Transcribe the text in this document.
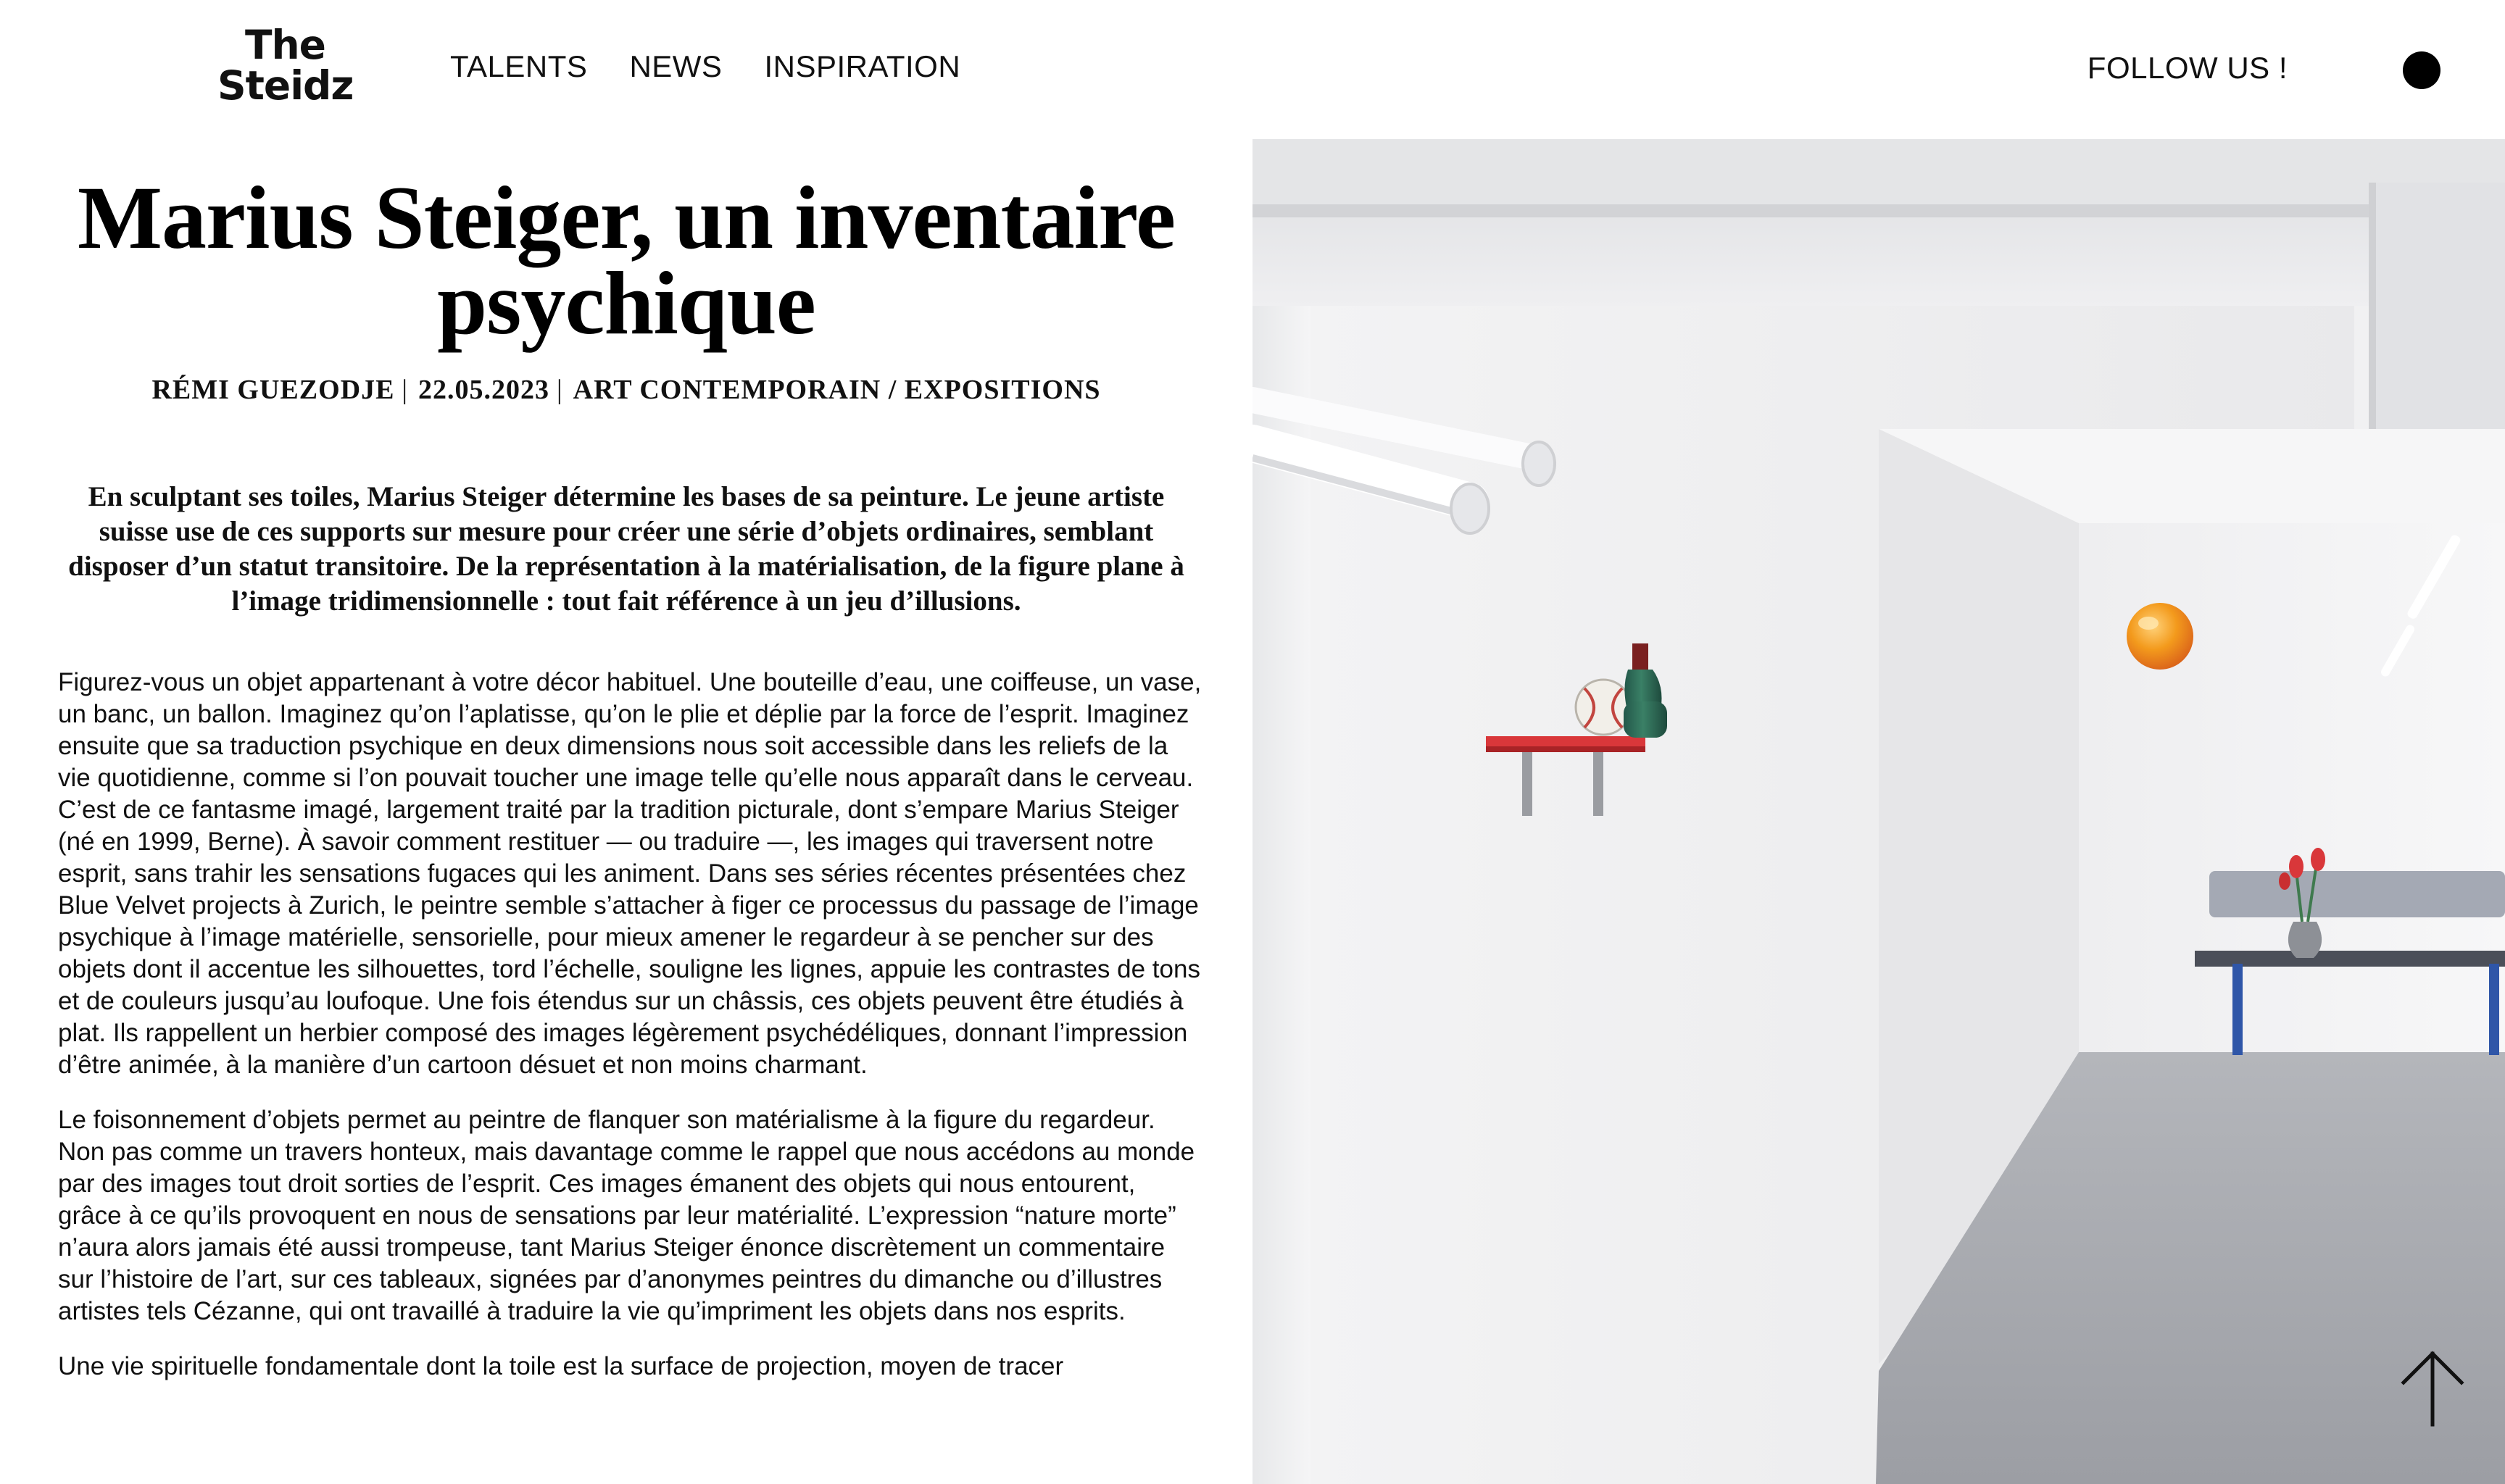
The
Steidz	TALENTS NEWS INSPIRATION	FOLLOW US !
Marius Steiger, un inventaire psychique
RÉMI GUEZODJE | 22.05.2023 | ART CONTEMPORAIN / EXPOSITIONS

En sculptant ses toiles, Marius Steiger détermine les bases de sa peinture. Le jeune artiste suisse use de ces supports sur mesure pour créer une série d’objets ordinaires, semblant disposer d’un statut transitoire. De la représentation à la matérialisation, de la figure plane à l’image tridimensionnelle : tout fait référence à un jeu d’illusions.

Figurez-vous un objet appartenant à votre décor habituel. Une bouteille d’eau, une coiffeuse, un vase, un banc, un ballon. Imaginez qu’on l’aplatisse, qu’on le plie et déplie par la force de l’esprit. Imaginez ensuite que sa traduction psychique en deux dimensions nous soit accessible dans les reliefs de la vie quotidienne, comme si l’on pouvait toucher une image telle qu’elle nous apparaît dans le cerveau. C’est de ce fantasme imagé, largement traité par la tradition picturale, dont s’empare Marius Steiger (né en 1999, Berne). À savoir comment restituer — ou traduire —, les images qui traversent notre esprit, sans trahir les sensations fugaces qui les animent. Dans ses séries récentes présentées chez Blue Velvet projects à Zurich, le peintre semble s’attacher à figer ce processus du passage de l’image psychique à l’image matérielle, sensorielle, pour mieux amener le regardeur à se pencher sur des objets dont il accentue les silhouettes, tord l’échelle, souligne les lignes, appuie les contrastes de tons et de couleurs jusqu’au loufoque. Une fois étendus sur un châssis, ces objets peuvent être étudiés à plat. Ils rappellent un herbier composé des images légèrement psychédéliques, donnant l’impression d’être animée, à la manière d’un cartoon désuet et non moins charmant.

Le foisonnement d’objets permet au peintre de flanquer son matérialisme à la figure du regardeur. Non pas comme un travers honteux, mais davantage comme le rappel que nous accédons au monde par des images tout droit sorties de l’esprit. Ces images émanent des objets qui nous entourent, grâce à ce qu’ils provoquent en nous de sensations par leur matérialité. L’expression “nature morte” n’aura alors jamais été aussi trompeuse, tant Marius Steiger énonce discrètement un commentaire sur l’histoire de l’art, sur ces tableaux, signées par d’anonymes peintres du dimanche ou d’illustres artistes tels Cézanne, qui ont travaillé à traduire la vie qu’impriment les objets dans nos esprits.

Une vie spirituelle fondamentale dont la toile est la surface de projection, moyen de tracer
